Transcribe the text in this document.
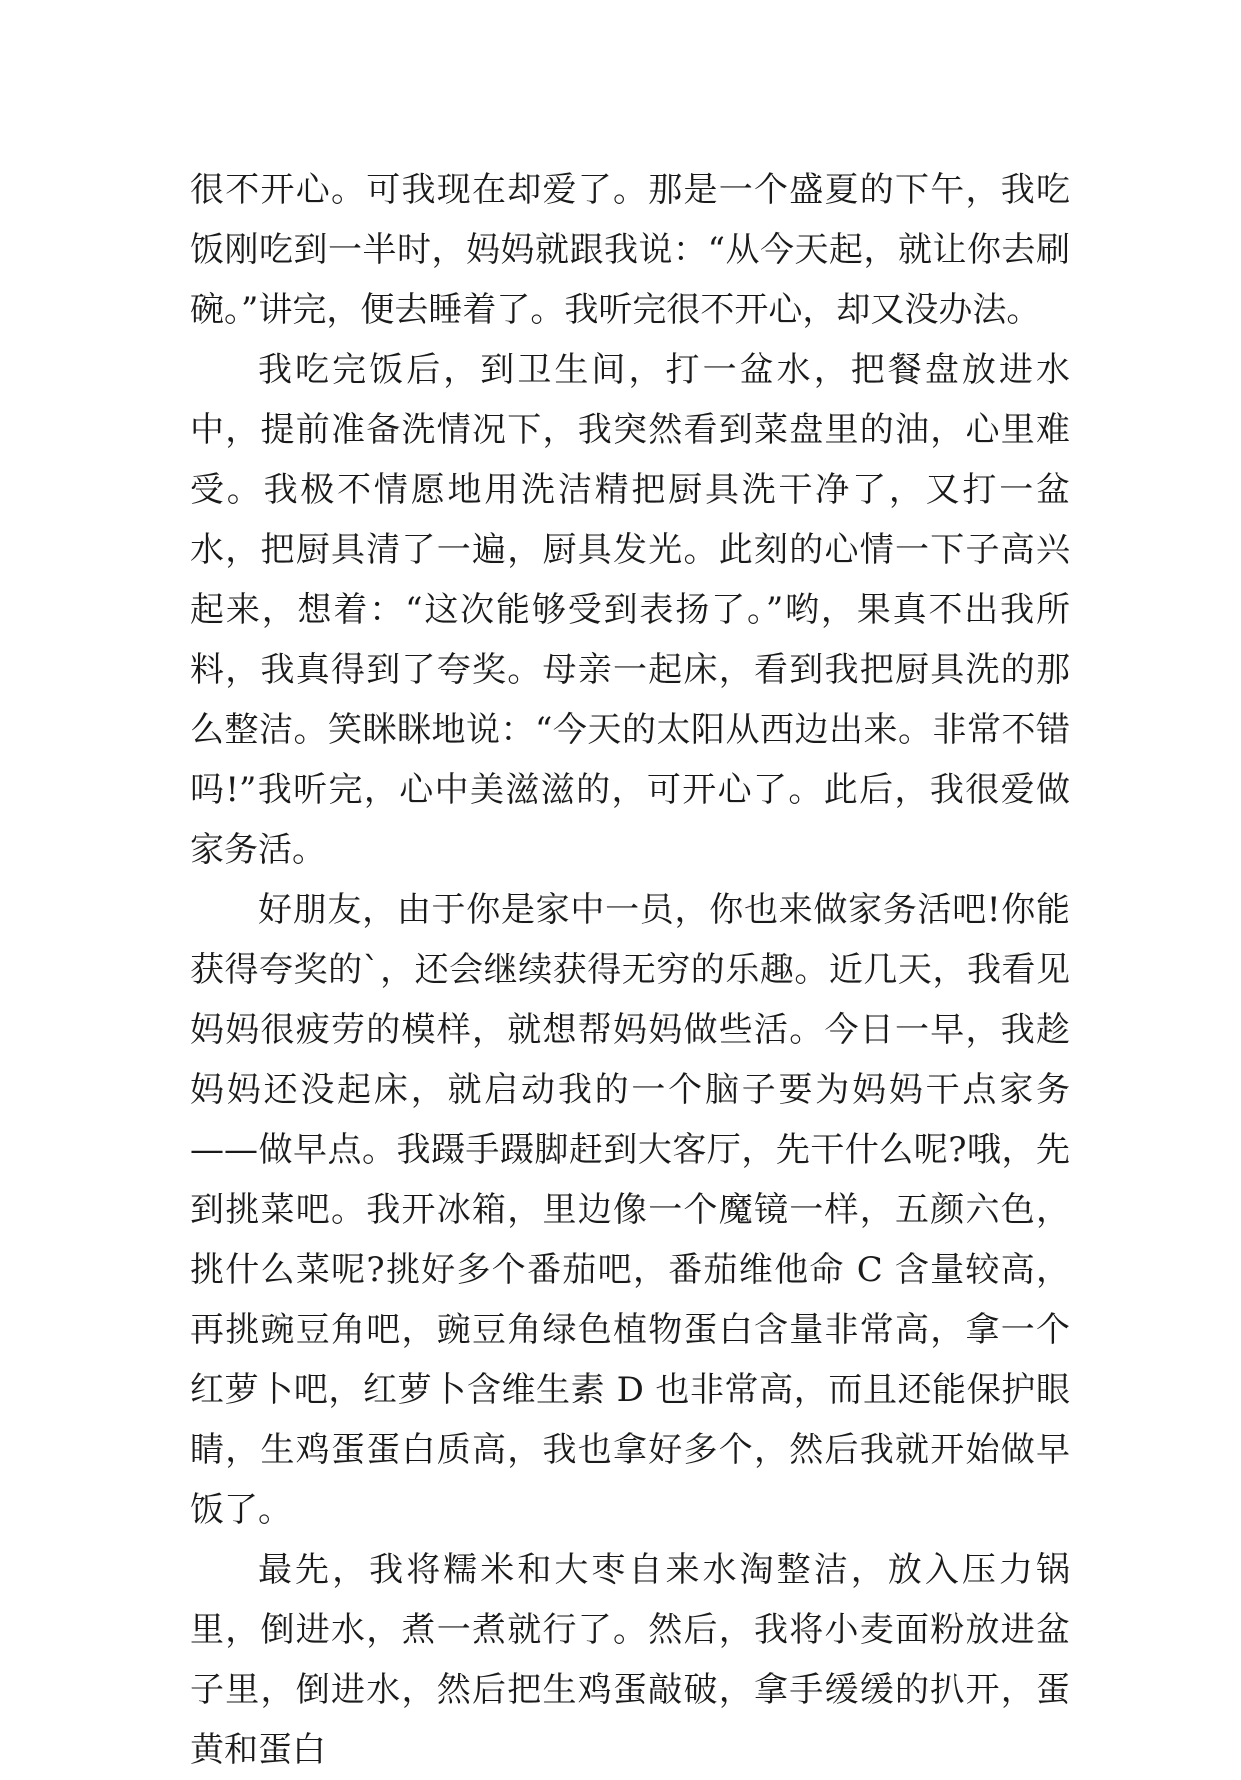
很不开心。可我现在却爱了。那是一个盛夏的下午，我吃饭刚吃到一半时，妈妈就跟我说：“从今天起，就让你去刷碗。”讲完，便去睡着了。我听完很不开心，却又没办法。

我吃完饭后，到卫生间，打一盆水，把餐盘放进水中，提前准备洗情况下，我突然看到菜盘里的油，心里难受。我极不情愿地用洗洁精把厨具洗干净了，又打一盆水，把厨具清了一遍，厨具发光。此刻的心情一下子高兴起来，想着：“这次能够受到表扬了。”哟，果真不出我所料，我真得到了夸奖。母亲一起床，看到我把厨具洗的那么整洁。笑眯眯地说：“今天的太阳从西边出来。非常不错吗!”我听完，心中美滋滋的，可开心了。此后，我很爱做家务活。

好朋友，由于你是家中一员，你也来做家务活吧!你能获得夸奖的`，还会继续获得无穷的乐趣。近几天，我看见妈妈很疲劳的模样，就想帮妈妈做些活。今日一早，我趁妈妈还没起床，就启动我的一个脑子要为妈妈干点家务——做早点。我蹑手蹑脚赶到大客厅，先干什么呢?哦，先到挑菜吧。我开冰箱，里边像一个魔镜一样，五颜六色，挑什么菜呢?挑好多个番茄吧，番茄维他命 C 含量较高，再挑豌豆角吧，豌豆角绿色植物蛋白含量非常高，拿一个红萝卜吧，红萝卜含维生素 D 也非常高，而且还能保护眼睛，生鸡蛋蛋白质高，我也拿好多个，然后我就开始做早饭了。

最先，我将糯米和大枣自来水淘整洁，放入压力锅里，倒进水，煮一煮就行了。然后，我将小麦面粉放进盆子里，倒进水，然后把生鸡蛋敲破，拿手缓缓的扒开，蛋黄和蛋白
